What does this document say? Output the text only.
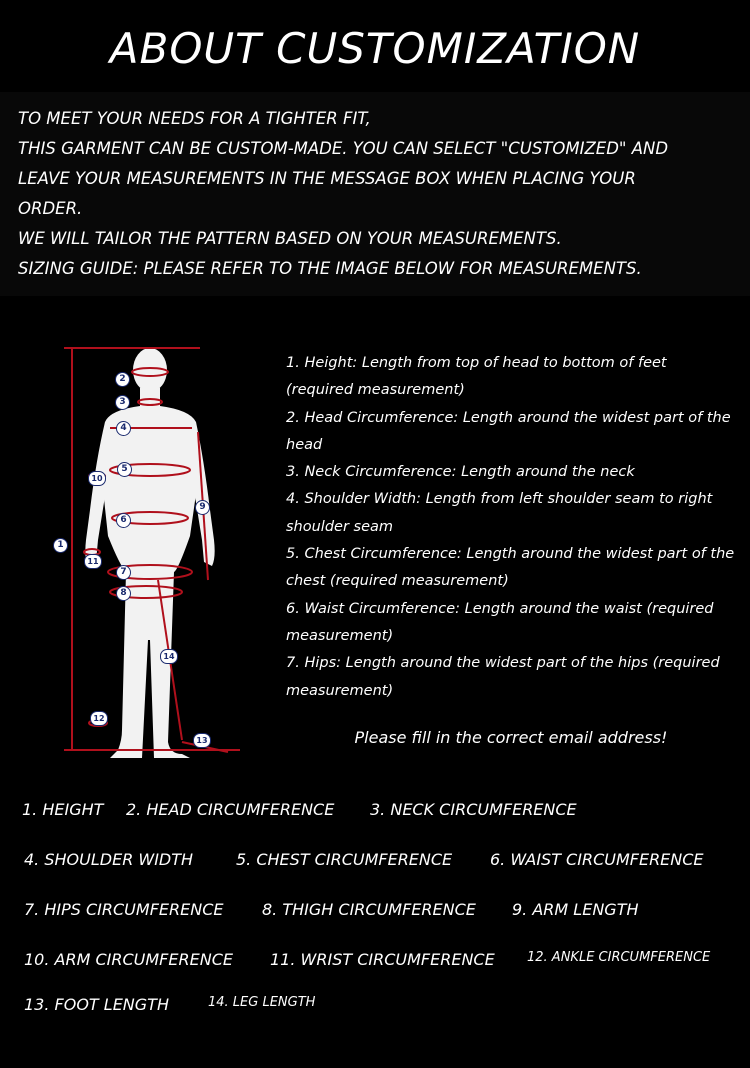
ABOUT CUSTOMIZATION
TO MEET YOUR NEEDS FOR A TIGHTER FIT,
THIS GARMENT CAN BE CUSTOM-MADE. YOU CAN SELECT "CUSTOMIZED" AND
LEAVE YOUR MEASUREMENTS IN THE MESSAGE BOX WHEN PLACING YOUR
ORDER.
WE WILL TAILOR THE PATTERN BASED ON YOUR MEASUREMENTS.
SIZING GUIDE: PLEASE REFER TO THE IMAGE BELOW FOR MEASUREMENTS.
1
2
3
4
5
6
7
8
9
10
11
12
13
14
1. Height: Length from top of head to bottom of feet (required measurement)
2. Head Circumference: Length around the widest part of the head
3. Neck Circumference: Length around the neck
4. Shoulder Width: Length from left shoulder seam to right shoulder seam
5. Chest Circumference: Length around the widest part of the chest (required measurement)
6. Waist Circumference: Length around the waist (required measurement)
7. Hips: Length around the widest part of the hips (required measurement)
Please fill in the correct email address!
1. HEIGHT 2. HEAD CIRCUMFERENCE 3. NECK CIRCUMFERENCE
4. SHOULDER WIDTH	5. CHEST CIRCUMFERENCE 6. WAIST CIRCUMFERENCE
7. HIPS CIRCUMFERENCE 8. THIGH CIRCUMFERENCE 9. ARM LENGTH
10. ARM CIRCUMFERENCE 11. WRIST CIRCUMFERENCE 12. ANKLE CIRCUMFERENCE
13. FOOT LENGTH	14. LEG LENGTH
